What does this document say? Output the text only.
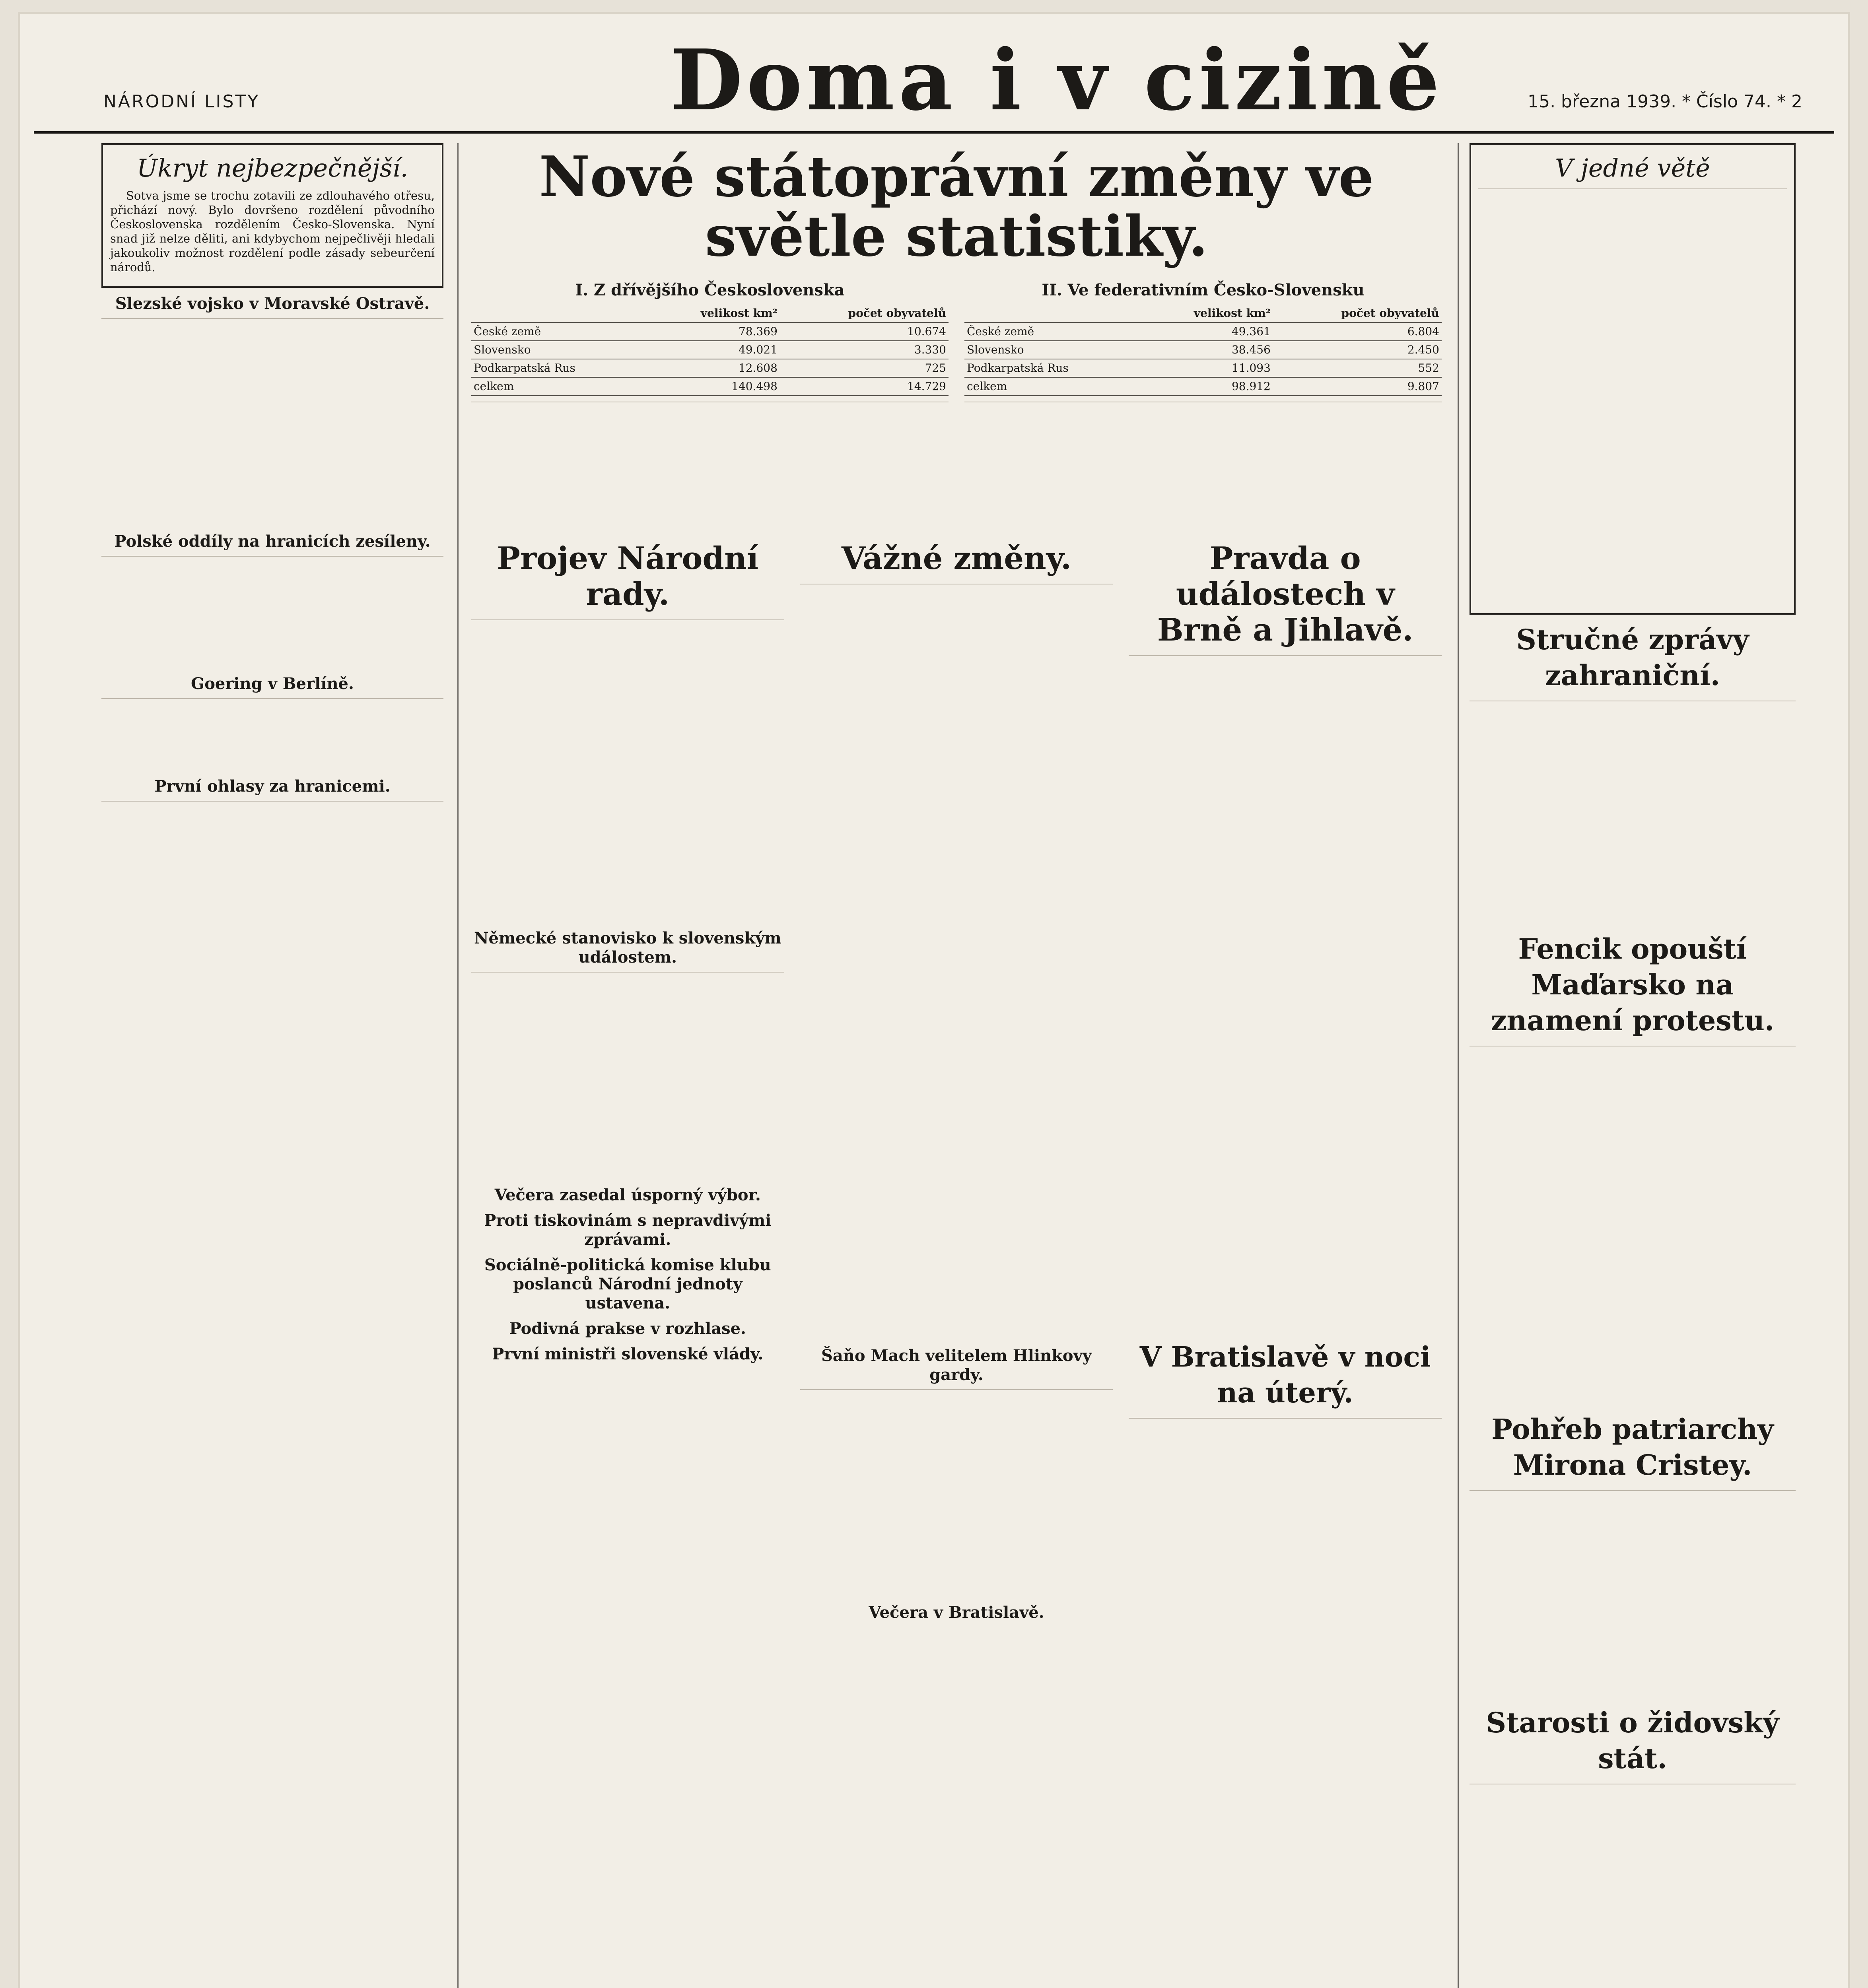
NÁRODNÍ LISTY	Doma i v cizině	15. března 1939. * Číslo 74. * 2
Úkryt nejbezpečnější.

Sotva jsme se trochu zotavili ze zdlouhavého otřesu, přichází nový. Bylo dovršeno rozdělení původního Československa rozdělením Česko-Slovenska. Nyní snad již nelze děliti, ani kdybychom nejpečlivěji hledali jakoukoliv možnost rozdělení podle zásady sebeurčení národů.

Slezské vojsko v Moravské Ostravě.
Polské oddíly na hranicích zesíleny.
Goering v Berlíně.
První ohlasy za hranicemi.
Nové státoprávní změny ve světle statistiky.
I. Z dřívějšího Československa
	velikost km²	počet obyvatelů
České země	78.369	10.674
Slovensko	49.021	3.330
Podkarpatská Rus	12.608	725
celkem	140.498	14.729
II. Ve federativním Česko-Slovensku
	velikost km²	počet obyvatelů
České země	49.361	6.804
Slovensko	38.456	2.450
Podkarpatská Rus	11.093	552
celkem	98.912	9.807
Projev Národní rady.
Německé stanovisko k slovenským událostem.
Večera zasedal úsporný výbor.
Proti tiskovinám s nepravdivými zprávami.
Sociálně-politická komise klubu poslanců Národní jednoty ustavena.
Podivná prakse v rozhlase.
První ministři slovenské vlády.
Vážné změny.
Šaňo Mach velitelem Hlinkovy gardy.
Večera v Bratislavě.
Pravda o událostech v Brně a Jihlavě.
V Bratislavě v noci na úterý.
V jedné větě
Stručné zprávy zahraniční.
Fencik opouští Maďarsko na znamení protestu.
Pohřeb patriarchy Mirona Cristey.
Starosti o židovský stát.
